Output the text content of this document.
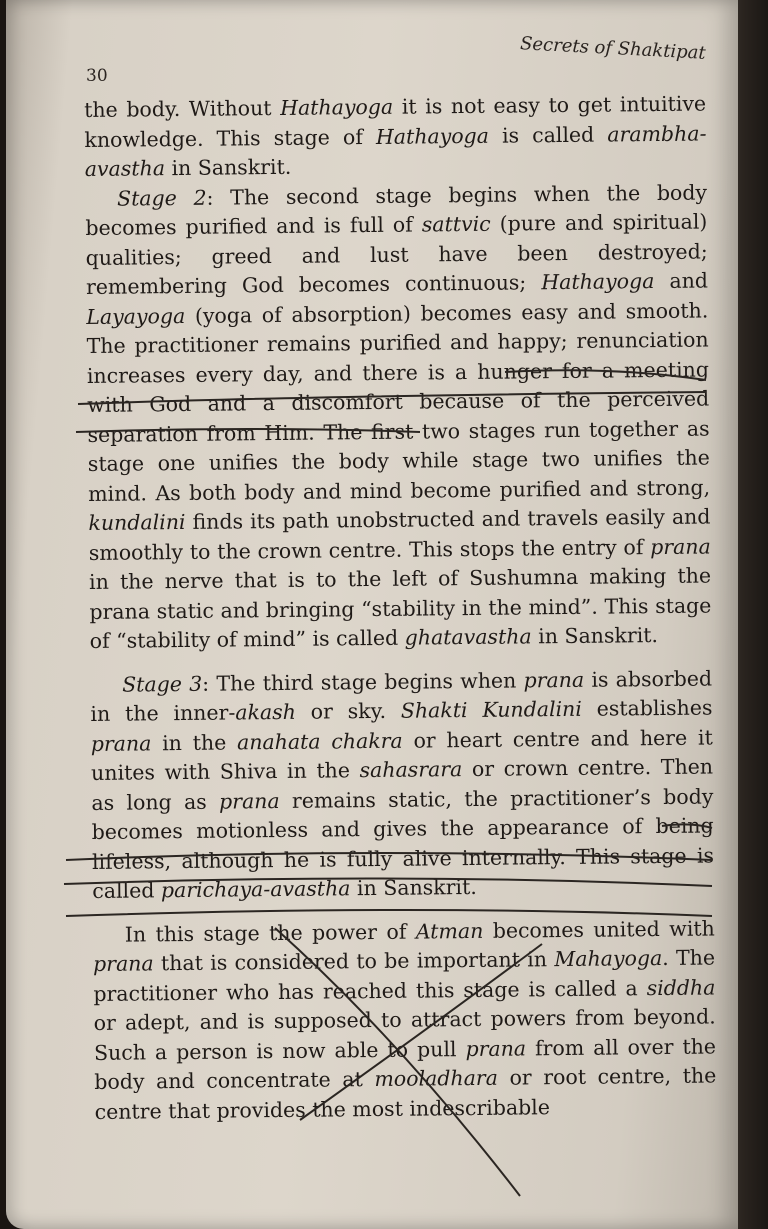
Secrets of Shaktipat
30

the body. Without Hathayoga it is not easy to get intuitive knowledge. This stage of Hathayoga is called arambha-avastha in Sanskrit.

Stage 2: The second stage begins when the body becomes purified and is full of sattvic (pure and spiritual) qualities; greed and lust have been destroyed; remembering God becomes continuous; Hathayoga and Layayoga (yoga of absorption) becomes easy and smooth. The practitioner remains purified and happy; renunciation increases every day, and there is a hunger for a meeting with God and a discomfort because of the perceived separation from Him. The first two stages run together as stage one unifies the body while stage two unifies the mind. As both body and mind become purified and strong, kundalini finds its path unobstructed and travels easily and smoothly to the crown centre. This stops the entry of prana in the nerve that is to the left of Sushumna making the prana static and bringing “stability in the mind”. This stage of “stability of mind” is called ghatavastha in Sanskrit.

Stage 3: The third stage begins when prana is absorbed in the inner-akash or sky. Shakti Kundalini establishes prana in the anahata chakra or heart centre and here it unites with Shiva in the sahasrara or crown centre. Then as long as prana remains static, the practitioner’s body becomes motionless and gives the appearance of being lifeless, although he is fully alive internally. This stage is called parichaya-avastha in Sanskrit.

In this stage the power of Atman becomes united with prana that is considered to be important in Mahayoga. The practitioner who has reached this stage is called a siddha or adept, and is supposed to attract powers from beyond. Such a person is now able to pull prana from all over the body and concentrate at mooladhara or root centre, the centre that provides the most indescribable
